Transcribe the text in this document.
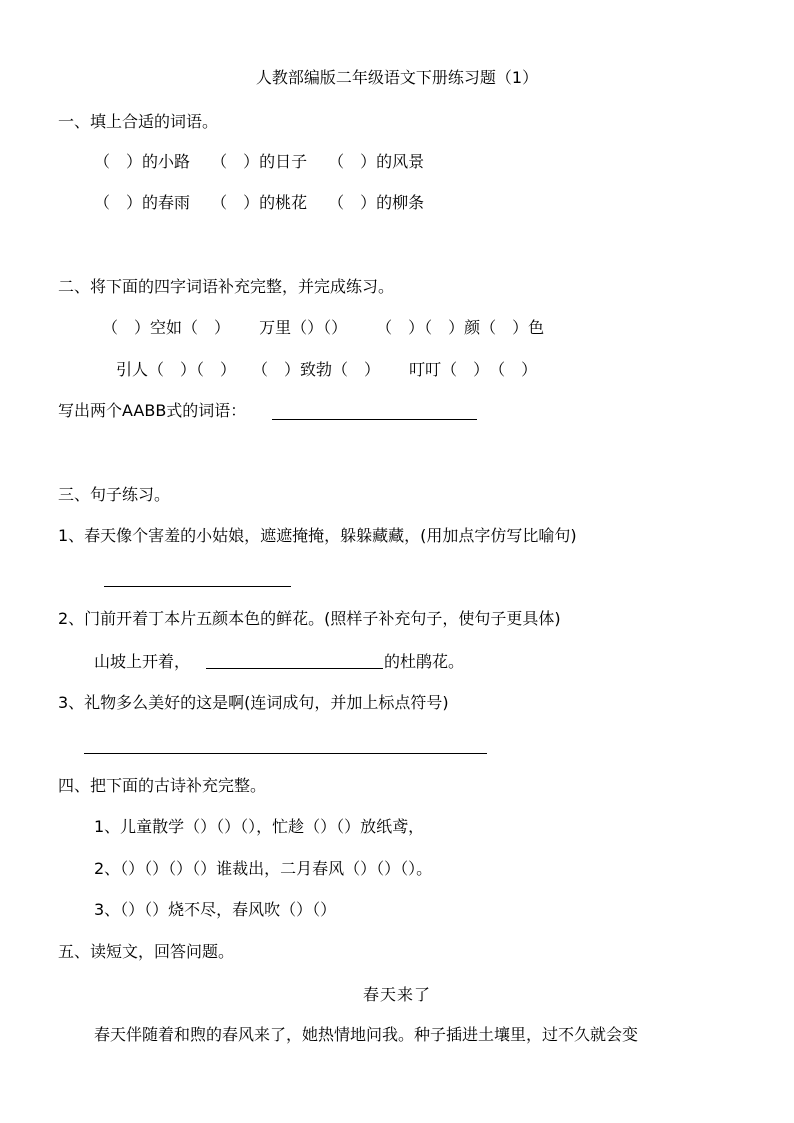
人教部编版二年级语文下册练习题（1）
一、填上合适的词语。
（　）的小路　 （　）的日子　 （　）的风景
（　）的春雨　 （　）的桃花　 （　）的柳条
二、将下面的四字词语补充完整，并完成练习。
（　）空如（　）　　 万里（）（）　　 （　）（　）颜（　）色
引人（　）（　）　　（　）致勃（　）　　 叮叮（　）　（　）
写出两个AABB式的词语：
三、句子练习。
1、春天像个害羞的小姑娘，遮遮掩掩，躲躲藏藏，(用加点字仿写比喻句)
2、门前开着丁本片五颜本色的鲜花。(照样子补充句子，使句子更具体)
山坡上开着，	的杜鹃花。
3、礼物多么美好的这是啊(连词成句，并加上标点符号)
四、把下面的古诗补充完整。
1、儿童散学（）（）（），忙趁（）（）放纸鸢，
2、（）（）（）（）谁裁出，二月春风（）（）（）。
3、（）（）烧不尽，春风吹（）（）
五、读短文，回答问题。
春天来了
春天伴随着和煦的春风来了，她热情地问我。种子插进土壤里，过不久就会变
